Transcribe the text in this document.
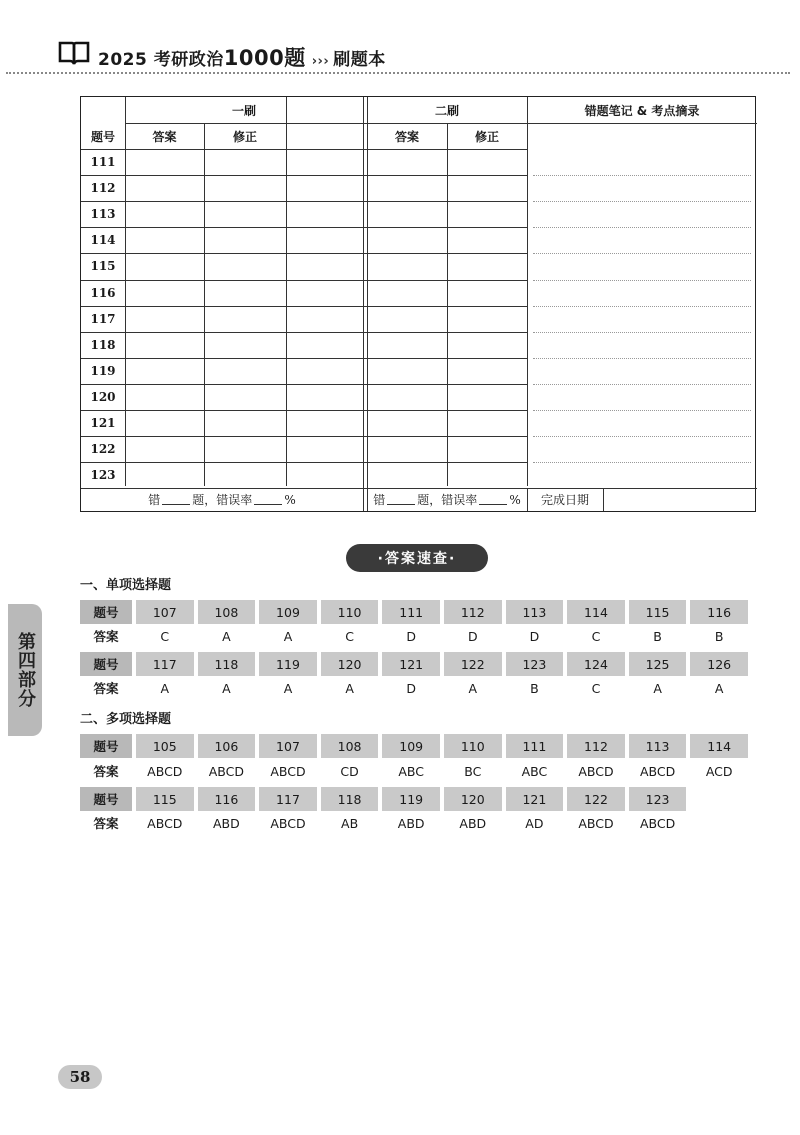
2025 考研政治1000题 ››› 刷题本
一刷	二刷	错题笔记 & 考点摘录
题号	答案	修正	答案	修正
111
112
113
114
115
116
117
118
119
120
121
122
123
错	题，错误率	%	错	题，错误率	%	完成日期
·答案速查·
一、单项选择题
二、多项选择题
题号	107	108	109	110	111	112	113	114	115	116
答案	C	A	A	C	D	D	D	C	B	B
题号	117	118	119	120	121	122	123	124	125	126
答案	A	A	A	A	D	A	B	C	A	A
题号	105	106	107	108	109	110	111	112	113	114
答案	ABCD	ABCD	ABCD	CD	ABC	BC	ABC	ABCD	ABCD	ACD
题号	115	116	117	118	119	120	121	122	123
答案	ABCD	ABD	ABCD	AB	ABD	ABD	AD	ABCD	ABCD
第四部分
58
